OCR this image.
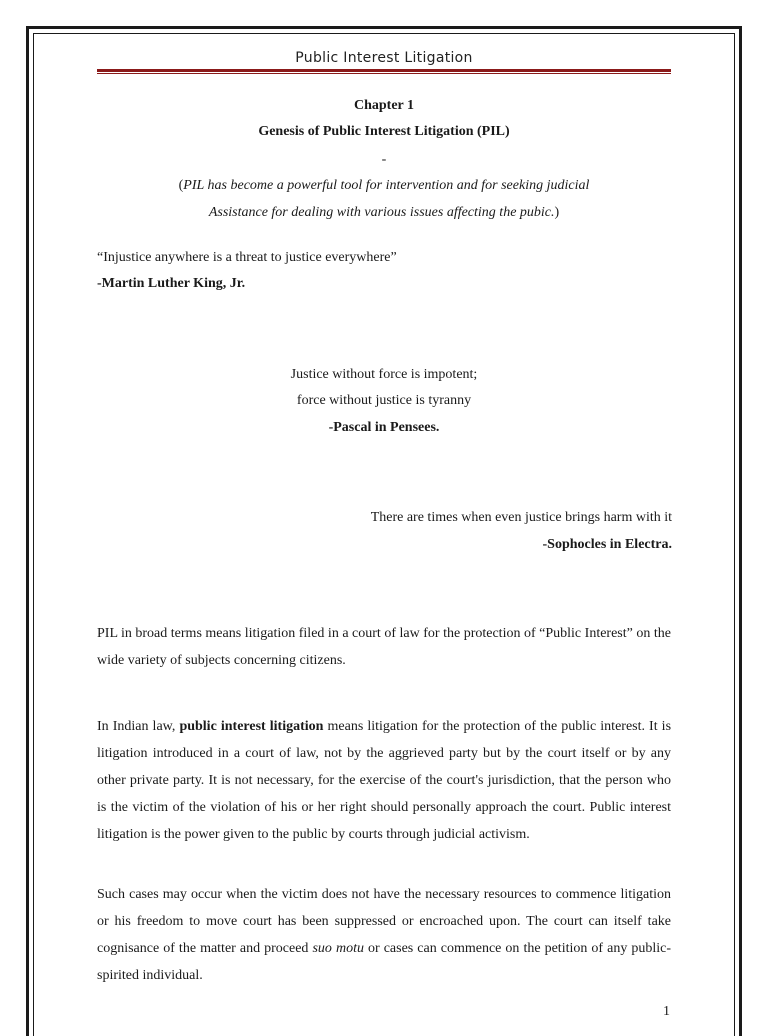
Public Interest Litigation
Chapter 1
Genesis of Public Interest Litigation (PIL)
-
(PIL has become a powerful tool for intervention and for seeking judicial
Assistance for dealing with various issues affecting the pubic.)
“Injustice anywhere is a threat to justice everywhere”
-Martin Luther King, Jr.
Justice without force is impotent;
force without justice is tyranny
-Pascal in Pensees.
There are times when even justice brings harm with it
-Sophocles in Electra.

PIL in broad terms means litigation filed in a court of law for the protection of “Public Interest” on the wide variety of subjects concerning citizens.

In Indian law, public interest litigation means litigation for the protection of the public interest. It is litigation introduced in a court of law, not by the aggrieved party but by the court itself or by any other private party. It is not necessary, for the exercise of the court's jurisdiction, that the person who is the victim of the violation of his or her right should personally approach the court. Public interest litigation is the power given to the public by courts through judicial activism.

Such cases may occur when the victim does not have the necessary resources to commence litigation or his freedom to move court has been suppressed or encroached upon. The court can itself take cognisance of the matter and proceed suo motu or cases can commence on the petition of any public-spirited individual.

1
